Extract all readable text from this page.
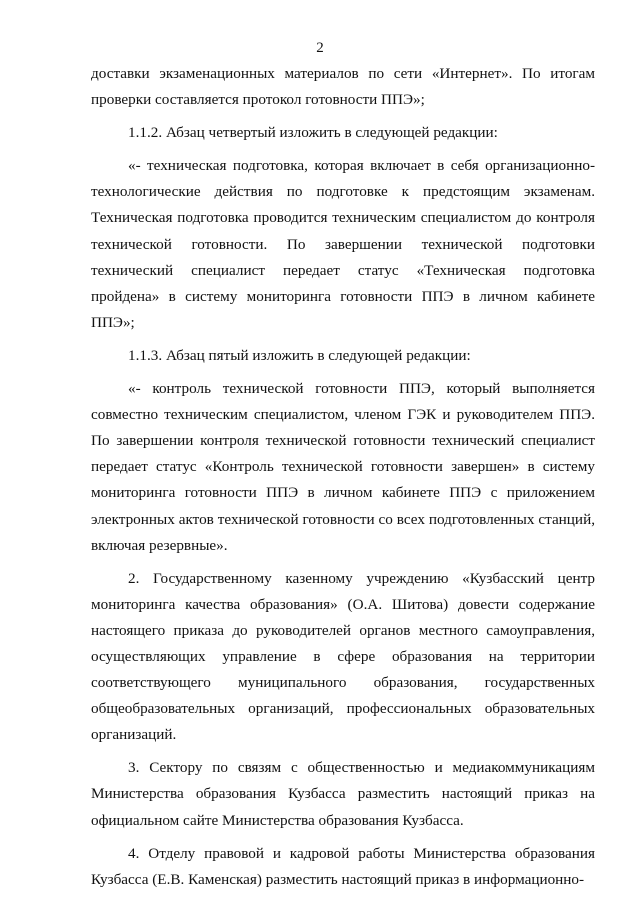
2

доставки экзаменационных материалов по сети «Интернет». По итогам проверки составляется протокол готовности ППЭ»;

1.1.2. Абзац четвертый изложить в следующей редакции:

«- техническая подготовка, которая включает в себя организационно-технологические действия по подготовке к предстоящим экзаменам. Техническая подготовка проводится техническим специалистом до контроля технической готовности. По завершении технической подготовки технический специалист передает статус «Техническая подготовка пройдена» в систему мониторинга готовности ППЭ в личном кабинете ППЭ»;

1.1.3. Абзац пятый изложить в следующей редакции:

«- контроль технической готовности ППЭ, который выполняется совместно техническим специалистом, членом ГЭК и руководителем ППЭ. По завершении контроля технической готовности технический специалист передает статус «Контроль технической готовности завершен» в систему мониторинга готовности ППЭ в личном кабинете ППЭ с приложением электронных актов технической готовности со всех подготовленных станций, включая резервные».

2. Государственному казенному учреждению «Кузбасский центр мониторинга качества образования» (О.А. Шитова) довести содержание настоящего приказа до руководителей органов местного самоуправления, осуществляющих управление в сфере образования на территории соответствующего муниципального образования, государственных общеобразовательных организаций, профессиональных образовательных организаций.

3. Сектору по связям с общественностью и медиакоммуникациям Министерства образования Кузбасса разместить настоящий приказ на официальном сайте Министерства образования Кузбасса.

4. Отделу правовой и кадровой работы Министерства образования Кузбасса (Е.В. Каменская) разместить настоящий приказ в информационно-
